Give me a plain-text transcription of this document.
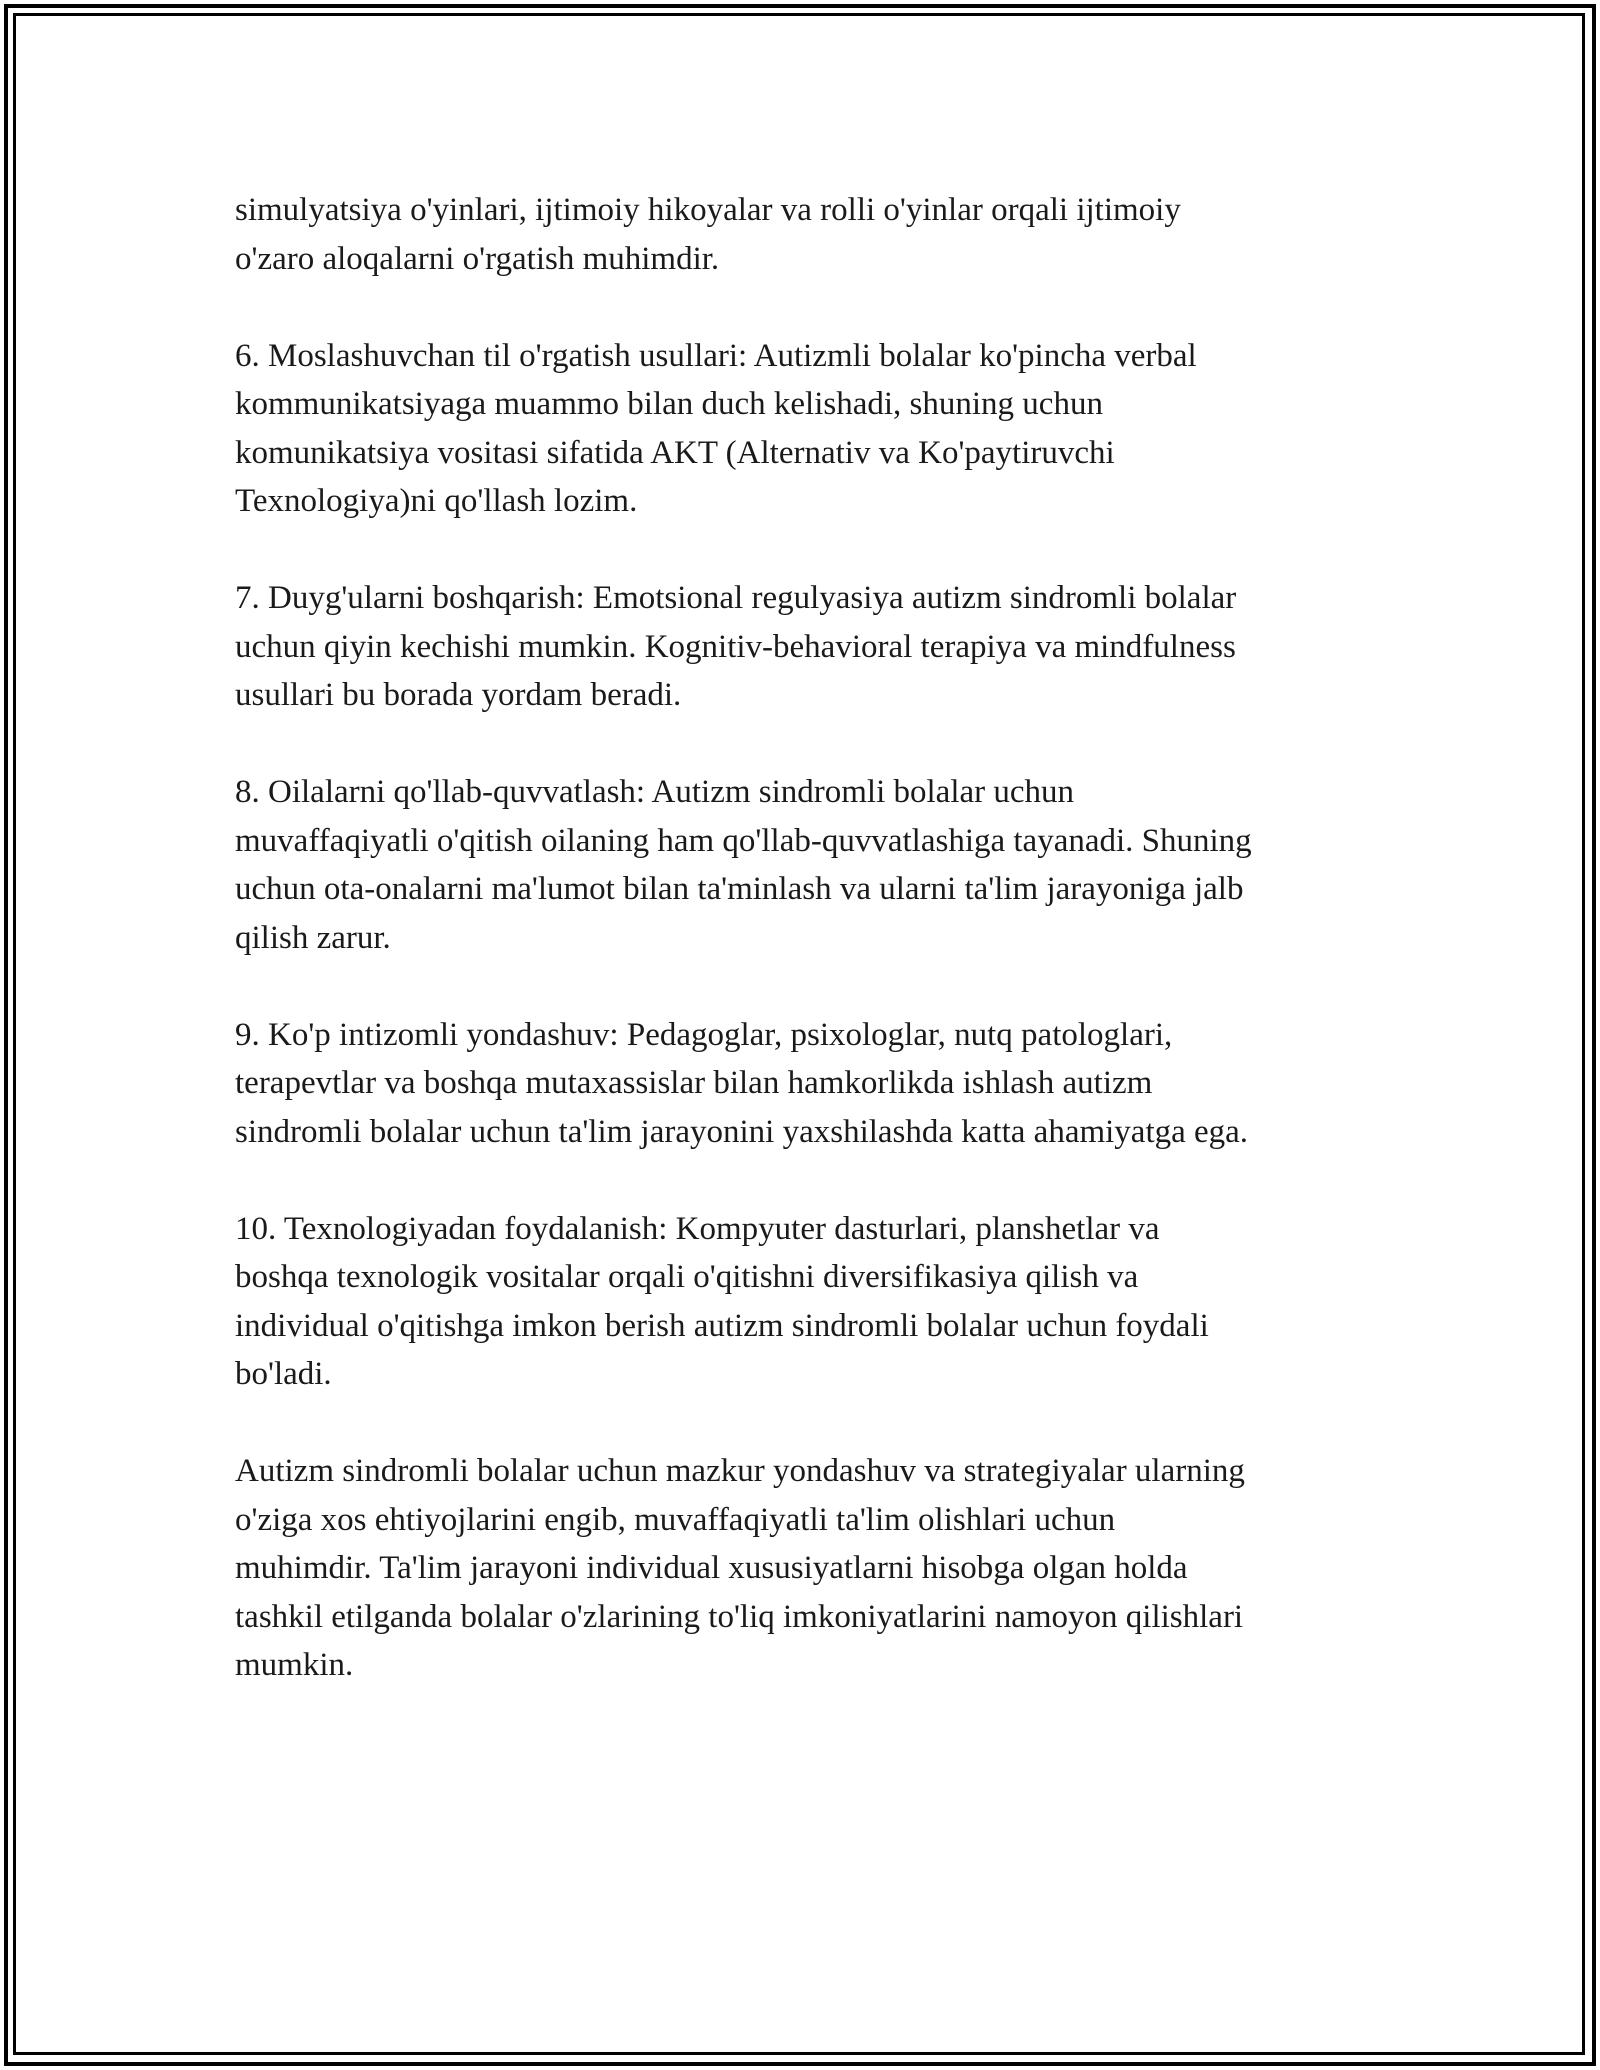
simulyatsiya o'yinlari, ijtimoiy hikoyalar va rolli o'yinlar orqali ijtimoiy
o'zaro aloqalarni o'rgatish muhimdir.

6. Moslashuvchan til o'rgatish usullari: Autizmli bolalar ko'pincha verbal
kommunikatsiyaga muammo bilan duch kelishadi, shuning uchun
komunikatsiya vositasi sifatida AKT (Alternativ va Ko'paytiruvchi
Texnologiya)ni qo'llash lozim.

7. Duyg'ularni boshqarish: Emotsional regulyasiya autizm sindromli bolalar
uchun qiyin kechishi mumkin. Kognitiv-behavioral terapiya va mindfulness
usullari bu borada yordam beradi.

8. Oilalarni qo'llab-quvvatlash: Autizm sindromli bolalar uchun
muvaffaqiyatli o'qitish oilaning ham qo'llab-quvvatlashiga tayanadi. Shuning
uchun ota-onalarni ma'lumot bilan ta'minlash va ularni ta'lim jarayoniga jalb
qilish zarur.

9. Ko'p intizomli yondashuv: Pedagoglar, psixologlar, nutq patologlari,
terapevtlar va boshqa mutaxassislar bilan hamkorlikda ishlash autizm
sindromli bolalar uchun ta'lim jarayonini yaxshilashda katta ahamiyatga ega.

10. Texnologiyadan foydalanish: Kompyuter dasturlari, planshetlar va
boshqa texnologik vositalar orqali o'qitishni diversifikasiya qilish va
individual o'qitishga imkon berish autizm sindromli bolalar uchun foydali
bo'ladi.

Autizm sindromli bolalar uchun mazkur yondashuv va strategiyalar ularning
o'ziga xos ehtiyojlarini engib, muvaffaqiyatli ta'lim olishlari uchun
muhimdir. Ta'lim jarayoni individual xususiyatlarni hisobga olgan holda
tashkil etilganda bolalar o'zlarining to'liq imkoniyatlarini namoyon qilishlari
mumkin.
